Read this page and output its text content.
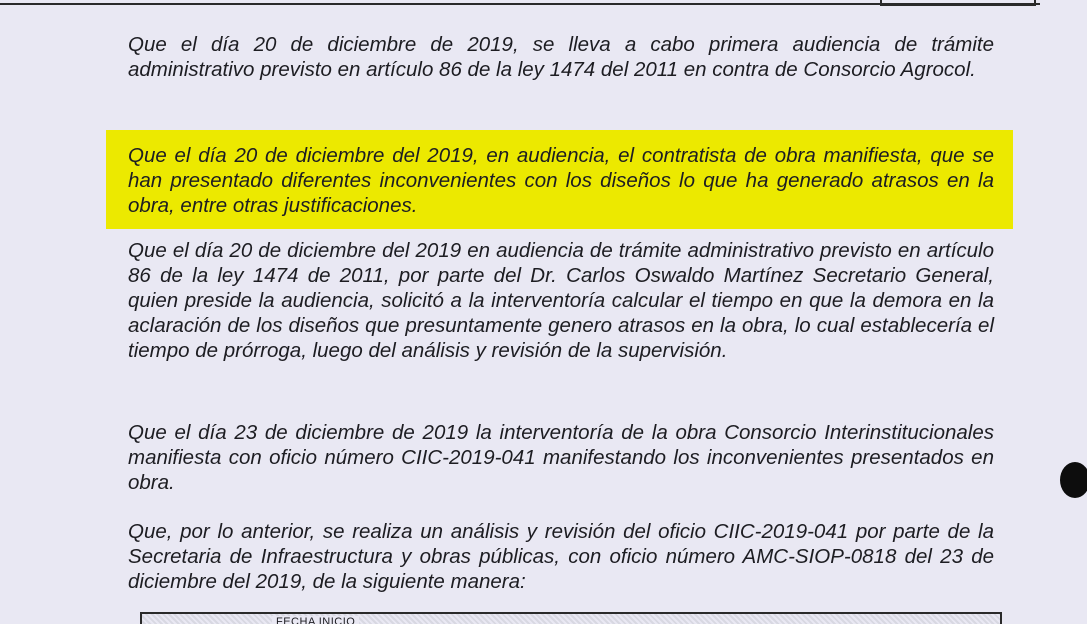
Que el día 20 de diciembre de 2019, se lleva a cabo primera audiencia de trámite administrativo previsto en artículo 86 de la ley 1474 del 2011 en contra de Consorcio Agrocol.

Que el día 20 de diciembre del 2019, en audiencia, el contratista de obra manifiesta, que se han presentado diferentes inconvenientes con los diseños lo que ha generado atrasos en la obra, entre otras justificaciones.

Que el día 20 de diciembre del 2019 en audiencia de trámite administrativo previsto en artículo 86 de la ley 1474 de 2011, por parte del Dr. Carlos Oswaldo Martínez Secretario General, quien preside la audiencia, solicitó a la interventoría calcular el tiempo en que la demora en la aclaración de los diseños que presuntamente genero atrasos en la obra, lo cual establecería el tiempo de prórroga, luego del análisis y revisión de la supervisión.

Que el día 23 de diciembre de 2019 la interventoría de la obra Consorcio Interinstitucionales manifiesta con oficio número CIIC-2019-041 manifestando los inconvenientes presentados en obra.

Que, por lo anterior, se realiza un análisis y revisión del oficio CIIC-2019-041 por parte de la Secretaria de Infraestructura y obras públicas, con oficio número AMC-SIOP-0818 del 23 de diciembre del 2019, de la siguiente manera:

FECHA INICIO
